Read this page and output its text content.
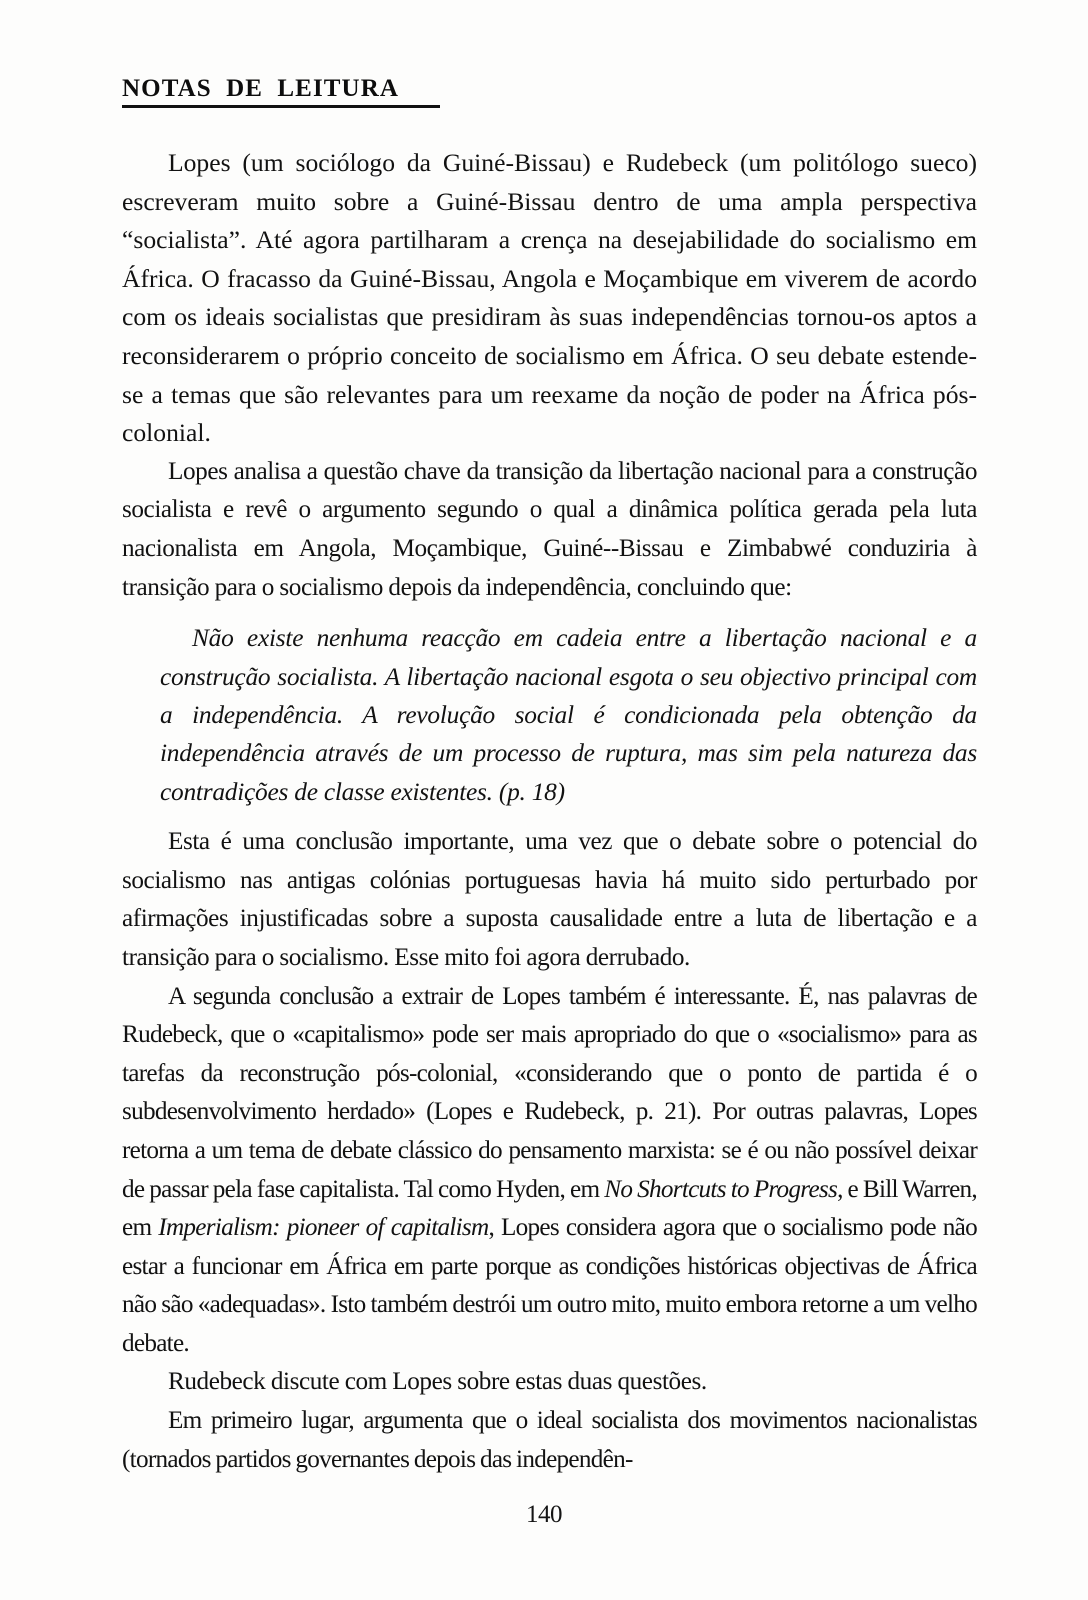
NOTAS DE LEITURA

Lopes (um sociólogo da Guiné-Bissau) e Rudebeck (um politólogo sueco) escreveram muito sobre a Guiné-Bissau dentro de uma ampla perspectiva “socialista”. Até agora partilharam a crença na desejabilidade do socialismo em África. O fracasso da Guiné-Bissau, Angola e Moçambique em viverem de acordo com os ideais socialistas que presidiram às suas independências tornou-os aptos a reconsiderarem o próprio conceito de socialismo em África. O seu debate estende-se a temas que são relevantes para um reexame da noção de poder na África pós-colonial.

Lopes analisa a questão chave da transição da libertação nacional para a construção socialista e revê o argumento segundo o qual a dinâmica política gerada pela luta nacionalista em Angola, Moçambique, Guiné--Bissau e Zimbabwé conduziria à transição para o socialismo depois da independência, concluindo que:

Não existe nenhuma reacção em cadeia entre a libertação nacional e a construção socialista. A libertação nacional esgota o seu objectivo principal com a independência. A revolução social é condicionada pela obtenção da independência através de um processo de ruptura, mas sim pela natureza das contradições de classe existentes. (p. 18)

Esta é uma conclusão importante, uma vez que o debate sobre o potencial do socialismo nas antigas colónias portuguesas havia há muito sido perturbado por afirmações injustificadas sobre a suposta causalidade entre a luta de libertação e a transição para o socialismo. Esse mito foi agora derrubado.

A segunda conclusão a extrair de Lopes também é interessante. É, nas palavras de Rudebeck, que o «capitalismo» pode ser mais apropriado do que o «socialismo» para as tarefas da reconstrução pós-colonial, «considerando que o ponto de partida é o subdesenvolvimento herdado» (Lopes e Rudebeck, p. 21). Por outras palavras, Lopes retorna a um tema de debate clássico do pensamento marxista: se é ou não possível deixar de passar pela fase capitalista. Tal como Hyden, em No Shortcuts to Progress, e Bill Warren, em Imperialism: pioneer of capitalism, Lopes considera agora que o socialismo pode não estar a funcionar em África em parte porque as condições históricas objectivas de África não são «adequadas». Isto também destrói um outro mito, muito embora retorne a um velho debate.

Rudebeck discute com Lopes sobre estas duas questões.

Em primeiro lugar, argumenta que o ideal socialista dos movimentos nacionalistas (tornados partidos governantes depois das independên-

140
